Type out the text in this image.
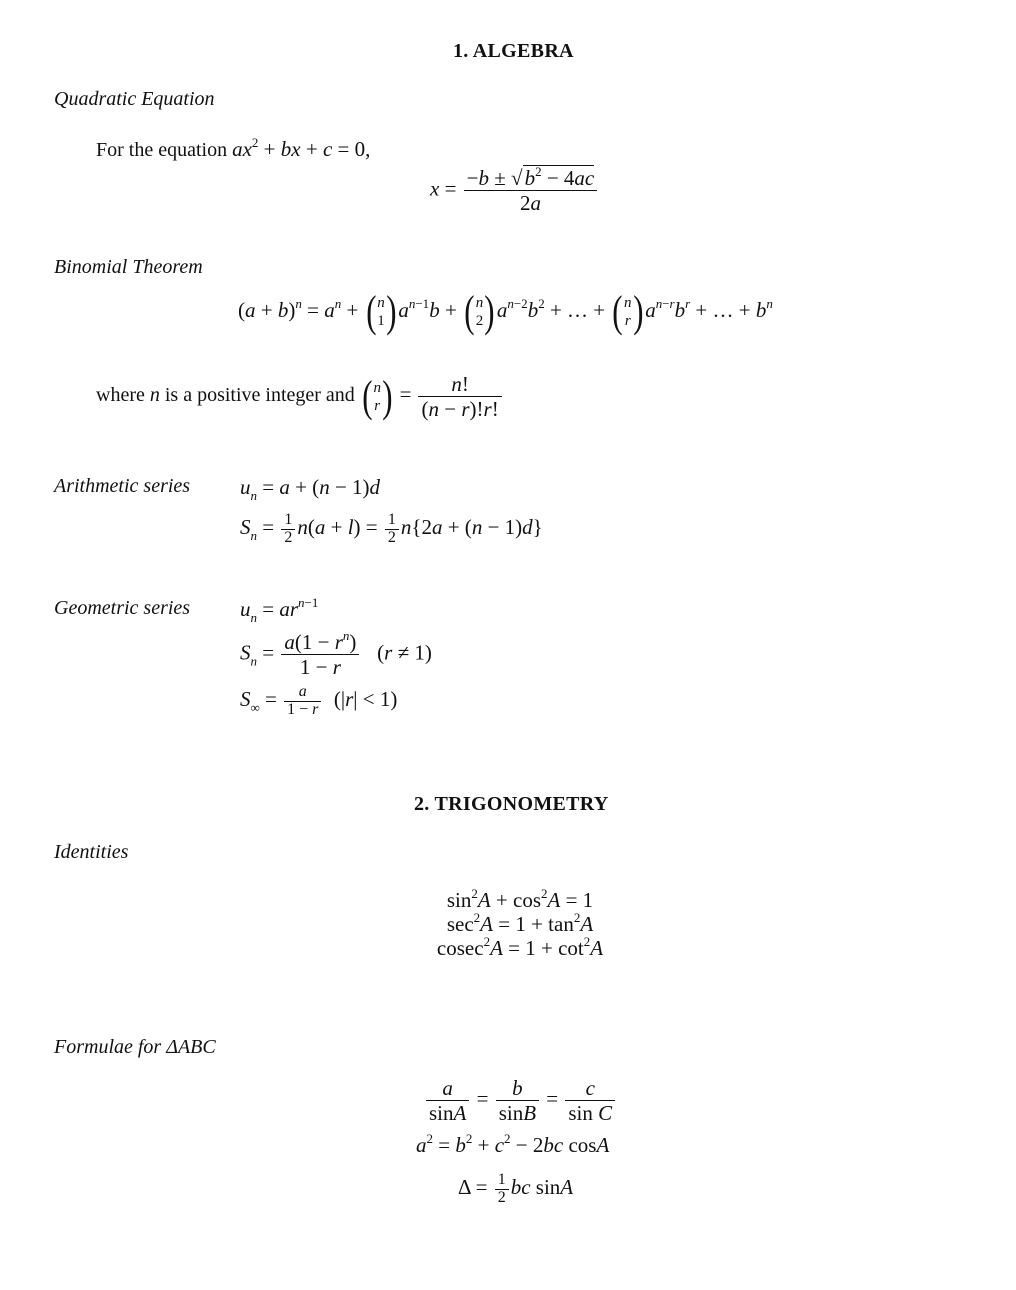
1. ALGEBRA
Quadratic Equation
For the equation $ax^2$ + bx + c = 0,
$x = \frac{-b \pm √b^2 - 4ac}{2a}$
Binomial Theorem
$(a + b)^n = a^n$ + ( n
1 ) $a^{n-1}b$ + ( n
2 ) $a^{n-2}b^2$ + … + ( n
r ) $a^{n-r}b^r$ + … + $b^n$
where n is a positive integer and ( n
r ) = $\frac{n!}{(n - r)!r!}$
Arithmetic series $u_n = a + (n - 1)d$
$S_n = \frac{1}{2} n(a + l) = \frac{1}{2} n\{2a + (n - 1)d\}$
Geometric series $u_n = ar^{n-1}$
$S_n = \frac{a(1 - r^n)}{1 - r} (r \ne 1)$
$S_\infty = \frac{a}{1 - r} (|r| < 1)$
2. TRIGONOMETRY
Identities
$\sin^2A + \cos^2A = 1$
$\sec^2A = 1 + \tan^2A$
$cosec^2A = 1 + \cot^2A$
Formulae for ΔABC
$\frac{a}{\sin A} = \frac{b}{\sin B} = \frac{c}{\text{sin C}}$
$a^2 = b^2 + c^2 - 2bc$ cosA
$\Delta = \frac{1}{2}$ bc sinA
